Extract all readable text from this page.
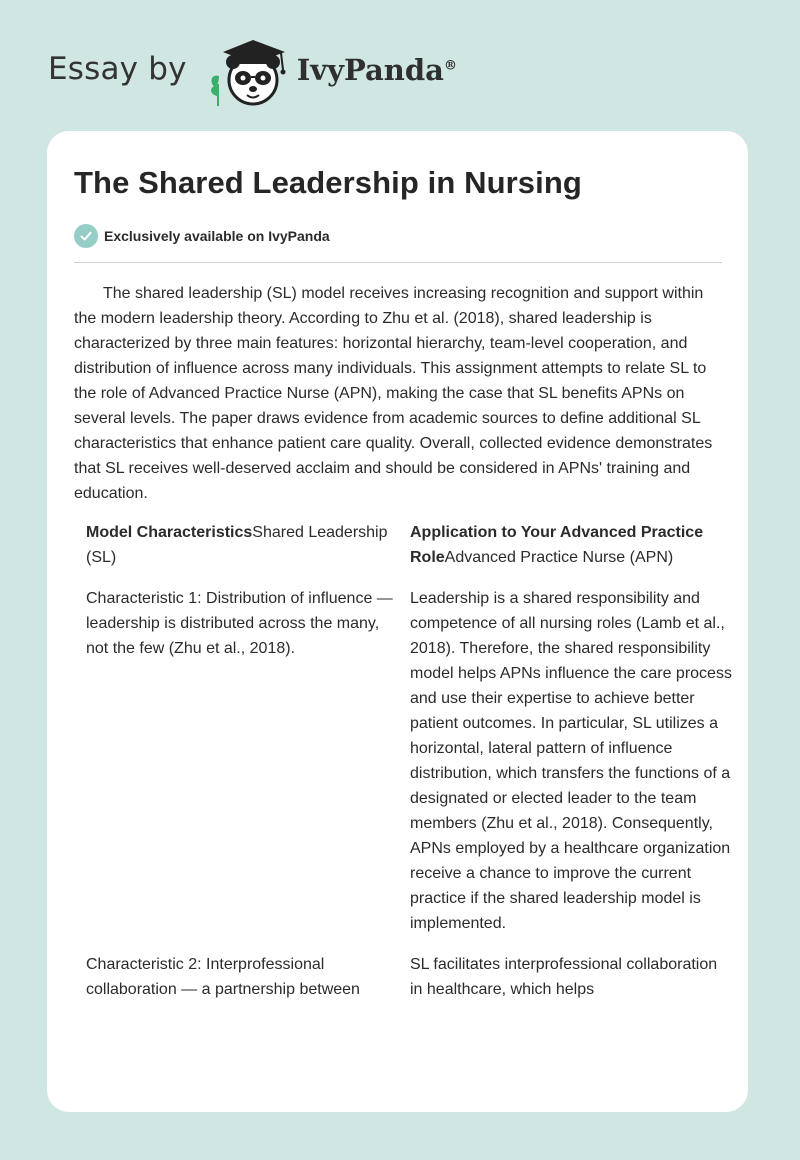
Essay by	IvyPanda®
The Shared Leadership in Nursing
Exclusively available on IvyPanda

The shared leadership (SL) model receives increasing recognition and support within the modern leadership theory. According to Zhu et al. (2018), shared leadership is characterized by three main features: horizontal hierarchy, team-level cooperation, and distribution of influence across many individuals. This assignment attempts to relate SL to the role of Advanced Practice Nurse (APN), making the case that SL benefits APNs on several levels. The paper draws evidence from academic sources to define additional SL characteristics that enhance patient care quality. Overall, collected evidence demonstrates that SL receives well-deserved acclaim and should be considered in APNs' training and education.

Model CharacteristicsShared Leadership (SL)
Application to Your Advanced Practice RoleAdvanced Practice Nurse (APN)
Characteristic 1: Distribution of influence — leadership is distributed across the many, not the few (Zhu et al., 2018).
Leadership is a shared responsibility and competence of all nursing roles (Lamb et al., 2018). Therefore, the shared responsibility model helps APNs influence the care process and use their expertise to achieve better patient outcomes. In particular, SL utilizes a horizontal, lateral pattern of influence distribution, which transfers the functions of a designated or elected leader to the team members (Zhu et al., 2018). Consequently, APNs employed by a healthcare organization receive a chance to improve the current practice if the shared leadership model is implemented.
Characteristic 2: Interprofessional collaboration — a partnership between
SL facilitates interprofessional collaboration in healthcare, which helps
